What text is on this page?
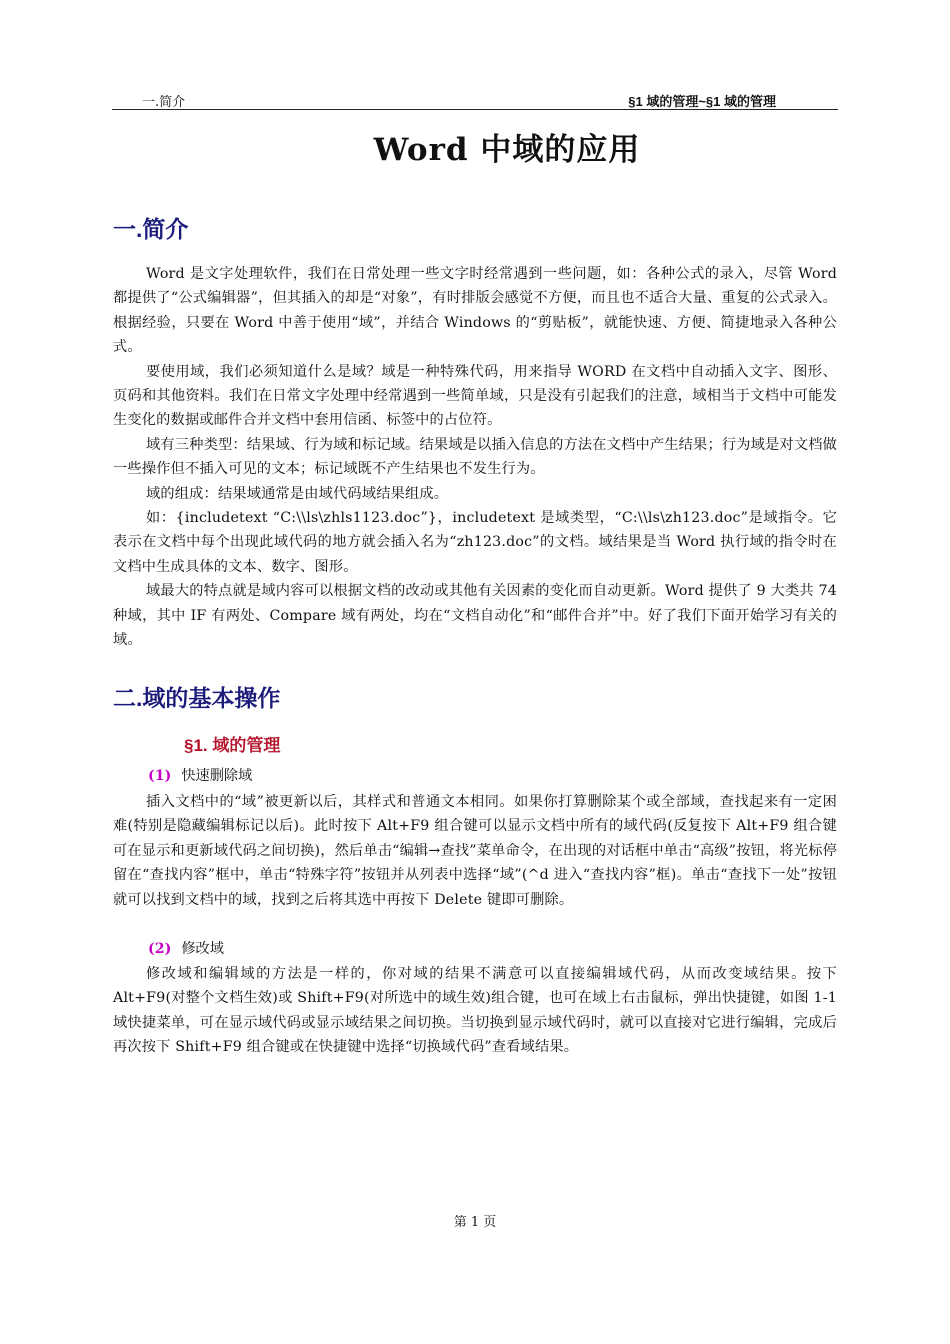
一.简介	§1 域的管理~§1 域的管理
Word 中域的应用
一.简介

Word 是文字处理软件，我们在日常处理一些文字时经常遇到一些问题，如：各种公式的录入，尽管 Word 都提供了“公式编辑器”，但其插入的却是“对象”，有时排版会感觉不方便，而且也不适合大量、重复的公式录入。根据经验，只要在 Word 中善于使用“域”，并结合 Windows 的“剪贴板”，就能快速、方便、简捷地录入各种公式。

要使用域，我们必须知道什么是域？域是一种特殊代码，用来指导 WORD 在文档中自动插入文字、图形、页码和其他资料。我们在日常文字处理中经常遇到一些简单域，只是没有引起我们的注意，域相当于文档中可能发生变化的数据或邮件合并文档中套用信函、标签中的占位符。

域有三种类型：结果域、行为域和标记域。结果域是以插入信息的方法在文档中产生结果；行为域是对文档做一些操作但不插入可见的文本；标记域既不产生结果也不发生行为。

域的组成：结果域通常是由域代码域结果组成。

如：{includetext “C:\\ls\zhls1123.doc”}，includetext 是域类型，“C:\\ls\zh123.doc”是域指令。它表示在文档中每个出现此域代码的地方就会插入名为“zh123.doc”的文档。域结果是当 Word 执行域的指令时在文档中生成具体的文本、数字、图形。

域最大的特点就是域内容可以根据文档的改动或其他有关因素的变化而自动更新。Word 提供了 9 大类共 74 种域，其中 IF 有两处、Compare 域有两处，均在“文档自动化”和“邮件合并”中。好了我们下面开始学习有关的域。

二.域的基本操作
§1. 域的管理
(1) 快速删除域

插入文档中的“域”被更新以后，其样式和普通文本相同。如果你打算删除某个或全部域，查找起来有一定困难(特别是隐藏编辑标记以后)。此时按下 Alt+F9 组合键可以显示文档中所有的域代码(反复按下 Alt+F9 组合键可在显示和更新域代码之间切换)，然后单击“编辑→查找”菜单命令，在出现的对话框中单击“高级”按钮，将光标停留在“查找内容”框中，单击“特殊字符”按钮并从列表中选择“域”(^d 进入“查找内容”框)。单击“查找下一处”按钮就可以找到文档中的域，找到之后将其选中再按下 Delete 键即可删除。

(2) 修改域

修改域和编辑域的方法是一样的，你对域的结果不满意可以直接编辑域代码，从而改变域结果。按下 Alt+F9(对整个文档生效)或 Shift+F9(对所选中的域生效)组合键，也可在域上右击鼠标，弹出快捷键，如图 1-1 域快捷菜单，可在显示域代码或显示域结果之间切换。当切换到显示域代码时，就可以直接对它进行编辑，完成后再次按下 Shift+F9 组合键或在快捷键中选择“切换域代码”查看域结果。

第 1 页
